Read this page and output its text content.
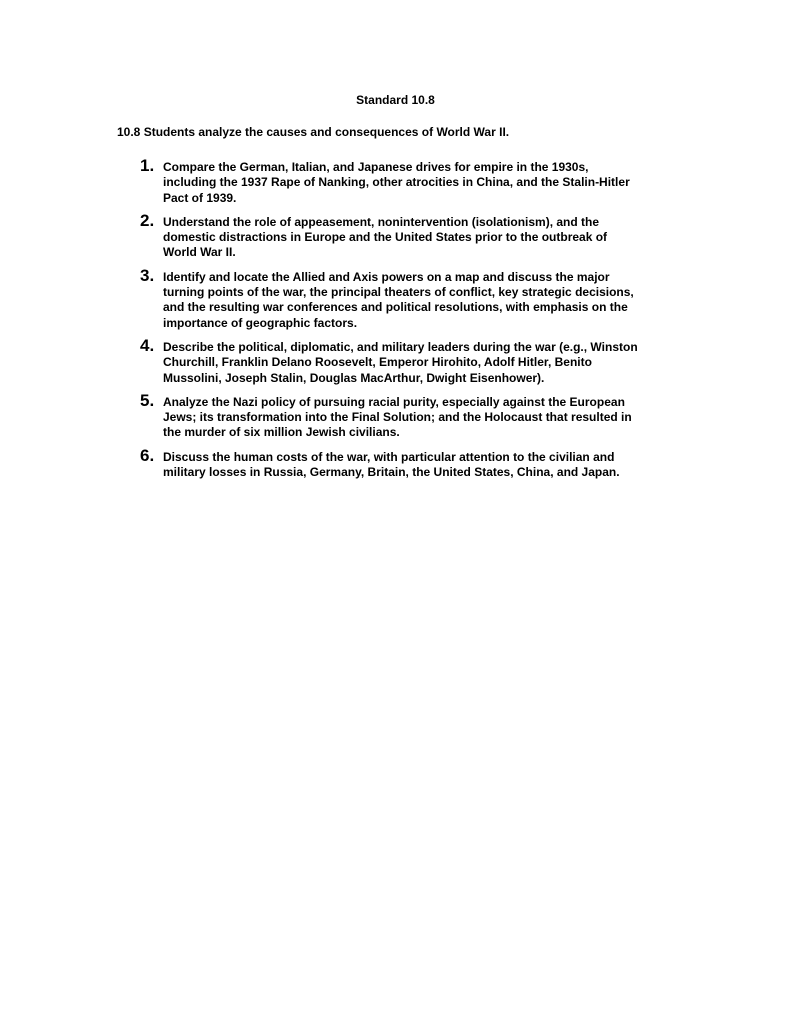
Standard 10.8
10.8 Students analyze the causes and consequences of World War II.
1. Compare the German, Italian, and Japanese drives for empire in the 1930s,
including the 1937 Rape of Nanking, other atrocities in China, and the Stalin-Hitler
Pact of 1939.
2. Understand the role of appeasement, nonintervention (isolationism), and the
domestic distractions in Europe and the United States prior to the outbreak of
World War II.
3. Identify and locate the Allied and Axis powers on a map and discuss the major
turning points of the war, the principal theaters of conflict, key strategic decisions,
and the resulting war conferences and political resolutions, with emphasis on the
importance of geographic factors.
4. Describe the political, diplomatic, and military leaders during the war (e.g., Winston
Churchill, Franklin Delano Roosevelt, Emperor Hirohito, Adolf Hitler, Benito
Mussolini, Joseph Stalin, Douglas MacArthur, Dwight Eisenhower).
5. Analyze the Nazi policy of pursuing racial purity, especially against the European
Jews; its transformation into the Final Solution; and the Holocaust that resulted in
the murder of six million Jewish civilians.
6. Discuss the human costs of the war, with particular attention to the civilian and
military losses in Russia, Germany, Britain, the United States, China, and Japan.
